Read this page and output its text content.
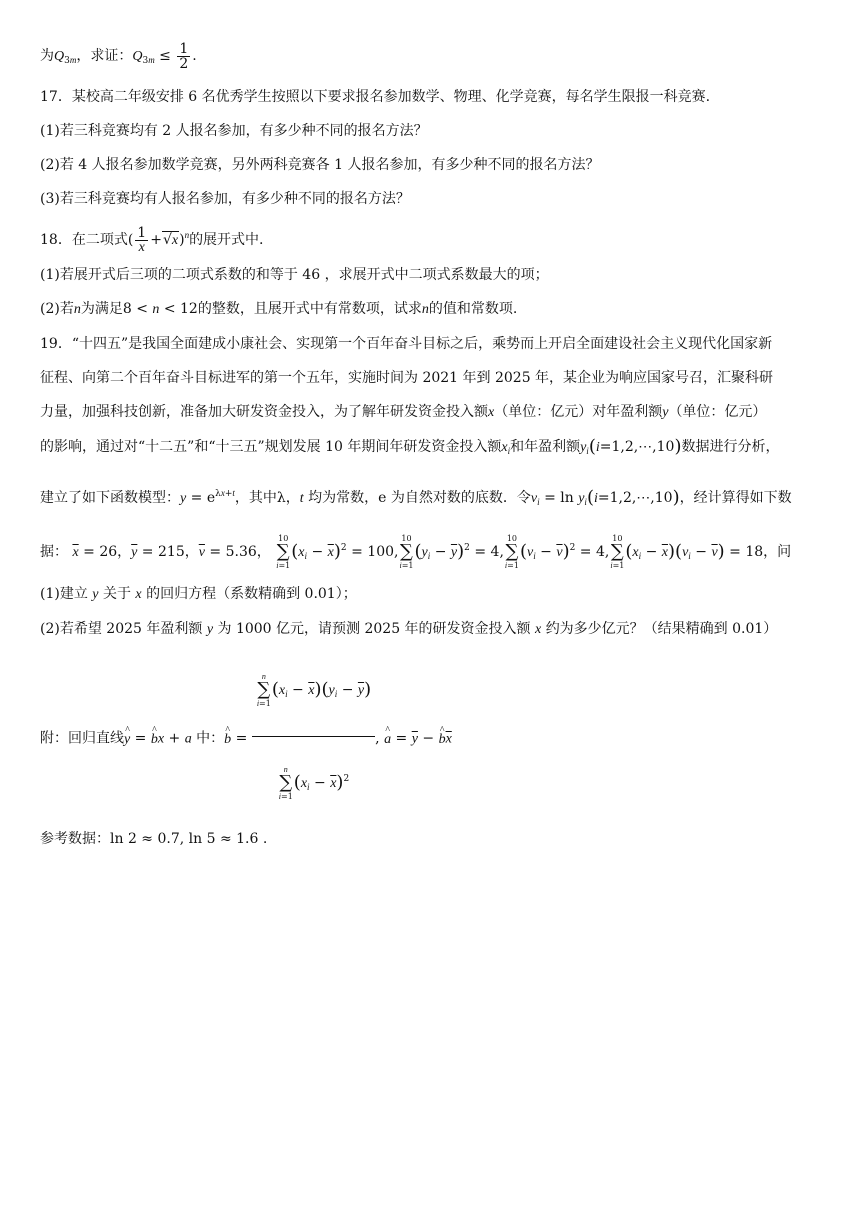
为$Q_{3m}$，求证：$Q_{3m} \le \frac{1}{2}$ .
17．某校高二年级安排 6 名优秀学生按照以下要求报名参加数学、物理、化学竞赛，每名学生限报一科竞赛.
(1)若三科竞赛均有 2 人报名参加，有多少种不同的报名方法？
(2)若 4 人报名参加数学竞赛，另外两科竞赛各 1 人报名参加，有多少种不同的报名方法？
(3)若三科竞赛均有人报名参加，有多少种不同的报名方法？
18．在二项式( $\frac{1}{x} +√x)^n$的展开式中.
(1)若展开式后三项的二项式系数的和等于 46 ，求展开式中二项式系数最大的项；
(2)若n为满足8 < n < 12的整数，且展开式中有常数项，试求n的值和常数项.
19．“十四五”是我国全面建成小康社会、实现第一个百年奋斗目标之后，乘势而上开启全面建设社会主义现代化国家新
征程、向第二个百年奋斗目标进军的第一个五年，实施时间为 2021 年到 2025 年，某企业为响应国家号召，汇聚科研
力量，加强科技创新，准备加大研发资金投入，为了解年研发资金投入额x（单位：亿元）对年盈利额y（单位：亿元）
的影响，通过对“十二五”和“十三五”规划发展 10 年期间年研发资金投入额$x_i$和年盈利额$y_i(i=1,2,\cdots,10)$数据进行分析，
建立了如下函数模型：$y = e^{\lambda x+t}$，其中λ，t 均为常数，e 为自然对数的底数．令$v_i = \ln$ $y_i(i=1,2,\cdots,10)$，经计算得如下数
据： $\overline{x} = 26$，$\overline{y} = 215$，$\overline{v} = 5.36$，
10
∑
i=1
$(x_i - \overline{x})^2 = 100$,
10
∑
i=1
$(y_i - \overline{y})^2 = 4$,
10
∑
i=1
$(v_i - \overline{v})^2 = 4$,
10
∑
i=1
$(x_i - \overline{x})(v_i - \overline{v}) = 18$，问
(1)建立 y 关于 x 的回归方程（系数精确到 0.01）；
(2)若希望 2025 年盈利额 y 为 1000 亿元，请预测 2025 年的研发资金投入额 x 约为多少亿元？（结果精确到 0.01）
附：回归直线^ y = ^ bx + a 中：^ b = n
∑
i=1
$(x_i - \overline{x})(y_i - \overline{y})$
n
∑
i=1
$(x_i - \overline{x})^2$ , ^ $a = \overline{y}$ − ^ $b\overline{x}$
参考数据：ln 2 ≈ 0.7, ln 5 ≈ 1.6 .
